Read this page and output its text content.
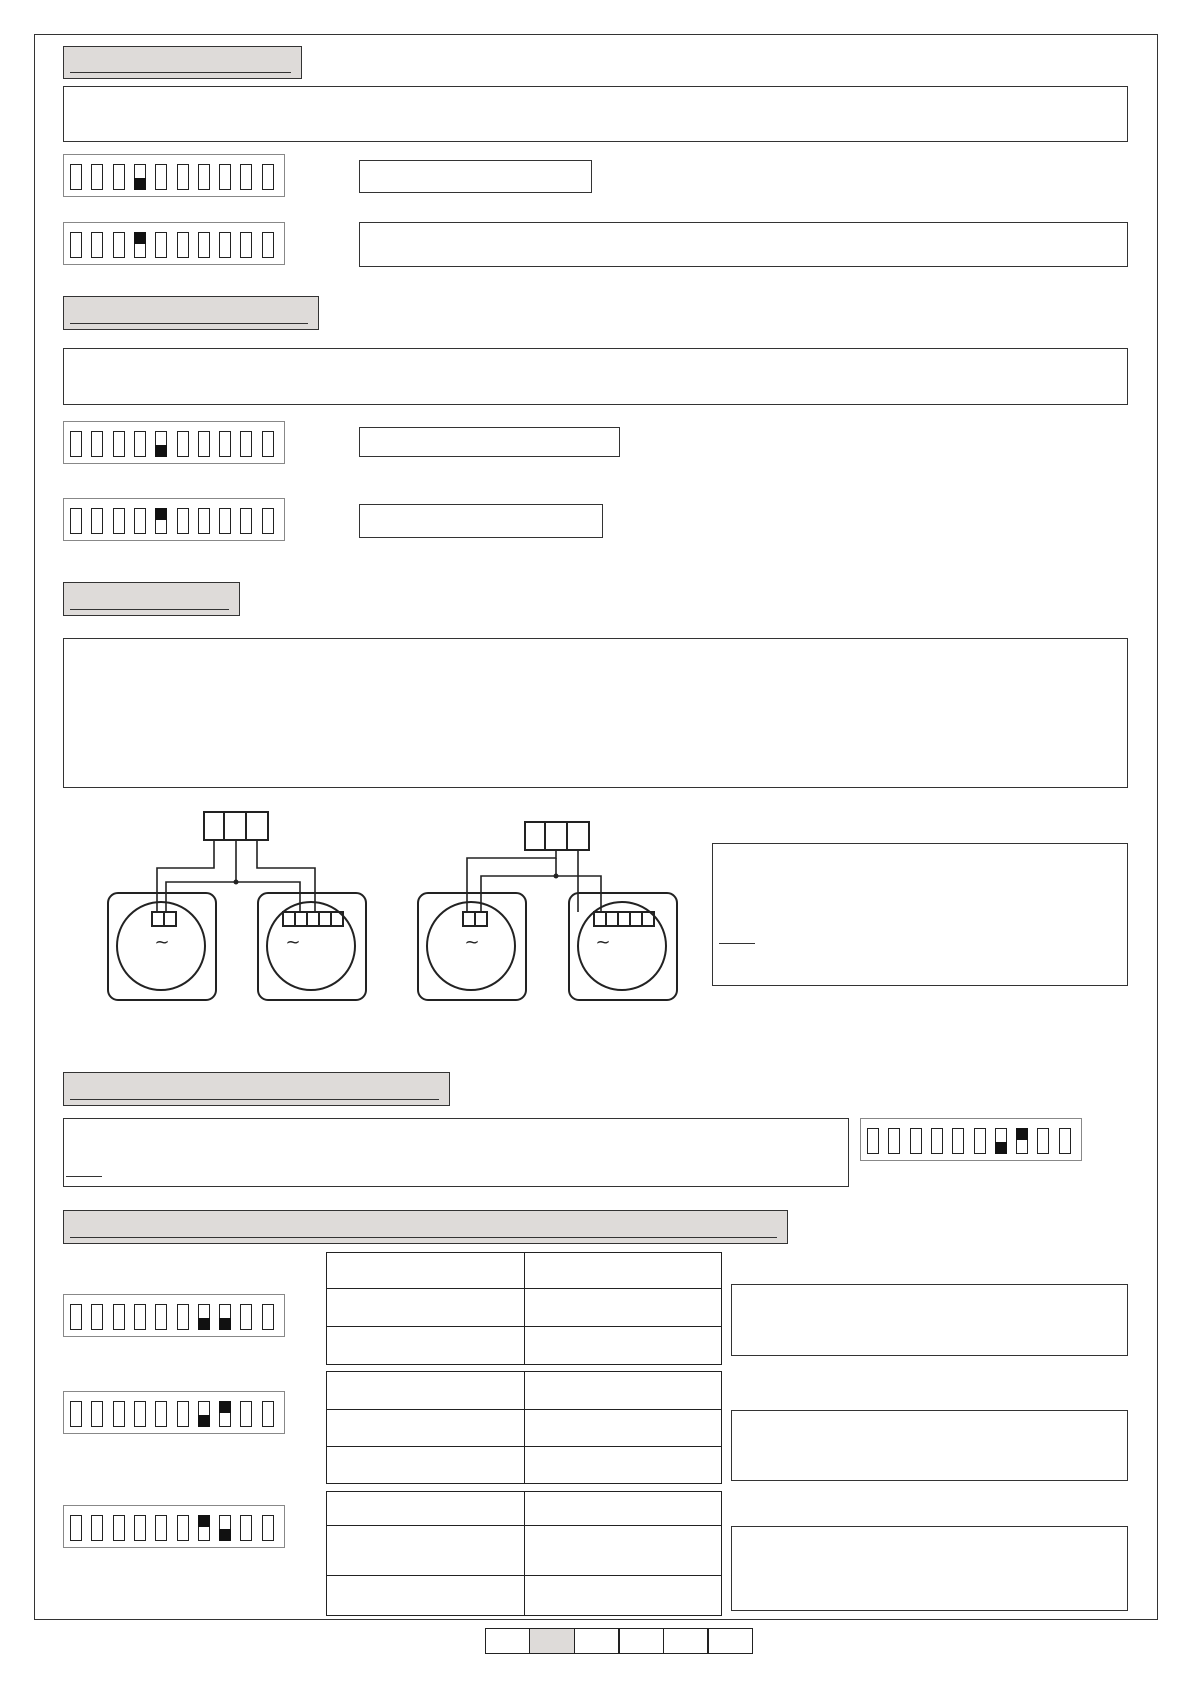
~	~	~	~
